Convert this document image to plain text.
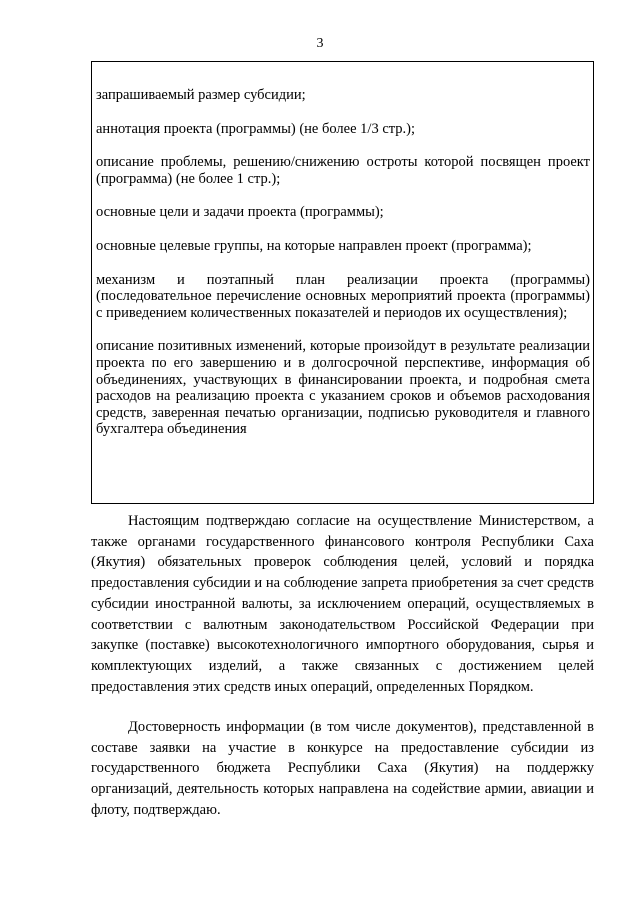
3

запрашиваемый размер субсидии;

аннотация проекта (программы) (не более 1/3 стр.);

описание проблемы, решению/снижению остроты которой посвящен проект (программа) (не более 1 стр.);

основные цели и задачи проекта (программы);

основные целевые группы, на которые направлен проект (программа);

механизм и поэтапный план реализации проекта (программы) (последовательное перечисление основных мероприятий проекта (программы) с приведением количественных показателей и периодов их осуществления);

описание позитивных изменений, которые произойдут в результате реализации проекта по его завершению и в долгосрочной перспективе, информация об объединениях, участвующих в финансировании проекта, и подробная смета расходов на реализацию проекта с указанием сроков и объемов расходования средств, заверенная печатью организации, подписью руководителя и главного бухгалтера объединения

Настоящим подтверждаю согласие на осуществление Министерством, а также органами государственного финансового контроля Республики Саха (Якутия) обязательных проверок соблюдения целей, условий и порядка предоставления субсидии и на соблюдение запрета приобретения за счет средств субсидии иностранной валюты, за исключением операций, осуществляемых в соответствии с валютным законодательством Российской Федерации при закупке (поставке) высокотехнологичного импортного оборудования, сырья и комплектующих изделий, а также связанных с достижением целей предоставления этих средств иных операций, определенных Порядком.

Достоверность информации (в том числе документов), представленной в составе заявки на участие в конкурсе на предоставление субсидии из государственного бюджета Республики Саха (Якутия) на поддержку организаций, деятельность которых направлена на содействие армии, авиации и флоту, подтверждаю.
